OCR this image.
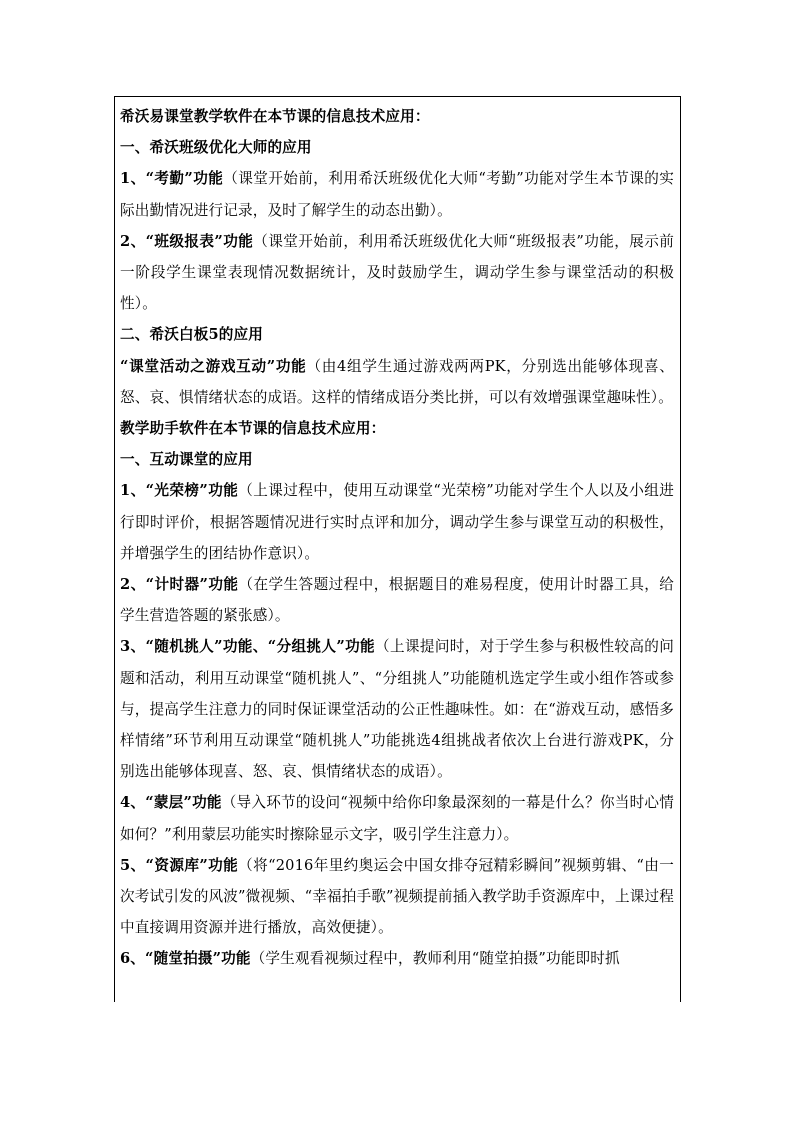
希沃易课堂教学软件在本节课的信息技术应用：

一、希沃班级优化大师的应用

1、“考勤”功能（课堂开始前，利用希沃班级优化大师“考勤”功能对学生本节课的实际出勤情况进行记录，及时了解学生的动态出勤）。

2、“班级报表”功能（课堂开始前，利用希沃班级优化大师“班级报表”功能，展示前一阶段学生课堂表现情况数据统计，及时鼓励学生，调动学生参与课堂活动的积极性）。

二、希沃白板5的应用

“课堂活动之游戏互动”功能（由4组学生通过游戏两两PK，分别选出能够体现喜、怒、哀、惧情绪状态的成语。这样的情绪成语分类比拼，可以有效增强课堂趣味性）。

教学助手软件在本节课的信息技术应用：

一、互动课堂的应用

1、“光荣榜”功能（上课过程中，使用互动课堂“光荣榜”功能对学生个人以及小组进行即时评价，根据答题情况进行实时点评和加分，调动学生参与课堂互动的积极性，并增强学生的团结协作意识）。

2、“计时器”功能（在学生答题过程中，根据题目的难易程度，使用计时器工具，给学生营造答题的紧张感）。

3、“随机挑人”功能、“分组挑人”功能（上课提问时，对于学生参与积极性较高的问题和活动，利用互动课堂“随机挑人”、“分组挑人”功能随机选定学生或小组作答或参与，提高学生注意力的同时保证课堂活动的公正性趣味性。如：在“游戏互动，感悟多样情绪”环节利用互动课堂“随机挑人”功能挑选4组挑战者依次上台进行游戏PK，分别选出能够体现喜、怒、哀、惧情绪状态的成语）。

4、“蒙层”功能（导入环节的设问“视频中给你印象最深刻的一幕是什么？你当时心情如何？”利用蒙层功能实时擦除显示文字，吸引学生注意力）。

5、“资源库”功能（将“2016年里约奥运会中国女排夺冠精彩瞬间”视频剪辑、“由一次考试引发的风波”微视频、“幸福拍手歌”视频提前插入教学助手资源库中，上课过程中直接调用资源并进行播放，高效便捷）。

6、“随堂拍摄”功能（学生观看视频过程中，教师利用“随堂拍摄”功能即时抓
